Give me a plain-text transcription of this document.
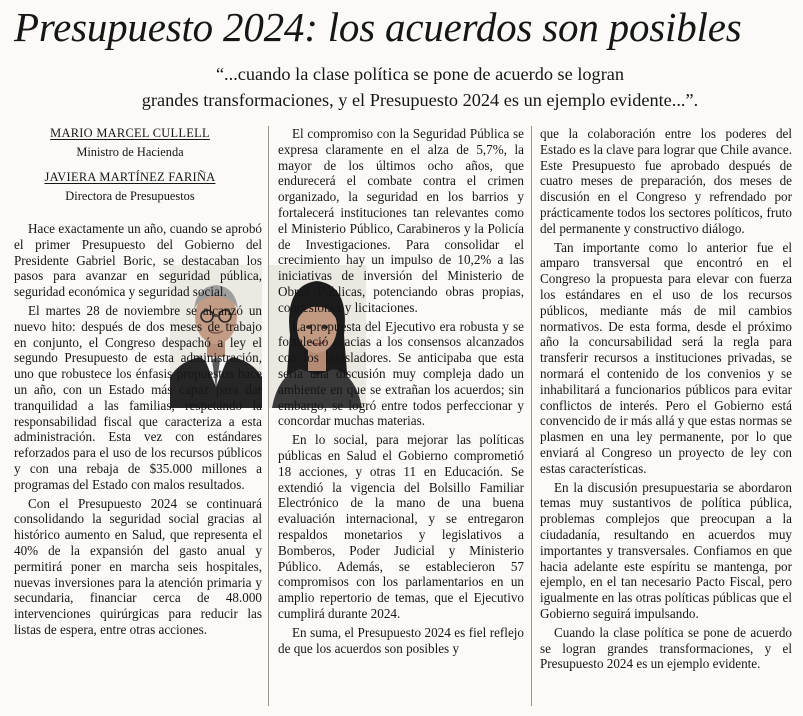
Presupuesto 2024: los acuerdos son posibles
“...cuando la clase política se pone de acuerdo se logran
grandes transformaciones, y el Presupuesto 2024 es un ejemplo evidente...”.
MARIO MARCEL CULLELL
Ministro de Hacienda
JAVIERA MARTÍNEZ FARIÑA
Directora de Presupuestos

Hace exactamente un año, cuando se aprobó el primer Presupuesto del Gobierno del Presidente Gabriel Boric, se destacaban los pasos para avanzar en seguridad pública, seguridad económica y seguridad social.

El martes 28 de noviembre se alcanzó un nuevo hito: después de dos meses de trabajo en conjunto, el Congreso despachó a ley el segundo Presupuesto de esta administración, uno que robustece los énfasis propuestos hace un año, con un Estado más capaz para dar tranquilidad a las familias, respetando la responsabilidad fiscal que caracteriza a esta administración. Esta vez con estándares reforzados para el uso de los recursos públicos y con una rebaja de $35.000 millones a programas del Estado con malos resultados.

Con el Presupuesto 2024 se continuará consolidando la seguridad social gracias al histórico aumento en Salud, que representa el 40% de la expansión del gasto anual y permitirá poner en marcha seis hospitales, nuevas inversiones para la atención primaria y secundaria, financiar cerca de 48.000 intervenciones quirúrgicas para reducir las listas de espera, entre otras acciones.

El compromiso con la Seguridad Pública se expresa claramente en el alza de 5,7%, la mayor de los últimos ocho años, que endurecerá el combate contra el crimen organizado, la seguridad en los barrios y fortalecerá instituciones tan relevantes como el Ministerio Público, Carabineros y la Policía de Investigaciones. Para consolidar el crecimiento hay un impulso de 10,2% a las iniciativas de inversión del Ministerio de Obras Públicas, potenciando obras propias, concesiones y licitaciones.

La propuesta del Ejecutivo era robusta y se fortaleció gracias a los consensos alcanzados con los legisladores. Se anticipaba que esta sería una discusión muy compleja dado un ambiente en que se extrañan los acuerdos; sin embargo, se logró entre todos perfeccionar y concordar muchas materias.

En lo social, para mejorar las políticas públicas en Salud el Gobierno comprometió 18 acciones, y otras 11 en Educación. Se extendió la vigencia del Bolsillo Familiar Electrónico de la mano de una buena evaluación internacional, y se entregaron respaldos monetarios y legislativos a Bomberos, Poder Judicial y Ministerio Público. Además, se establecieron 57 compromisos con los parlamentarios en un amplio repertorio de temas, que el Ejecutivo cumplirá durante 2024.

En suma, el Presupuesto 2024 es fiel reflejo de que los acuerdos son posibles y

que la colaboración entre los poderes del Estado es la clave para lograr que Chile avance. Este Presupuesto fue aprobado después de cuatro meses de preparación, dos meses de discusión en el Congreso y refrendado por prácticamente todos los sectores políticos, fruto del permanente y constructivo diálogo.

Tan importante como lo anterior fue el amparo transversal que encontró en el Congreso la propuesta para elevar con fuerza los estándares en el uso de los recursos públicos, mediante más de mil cambios normativos. De esta forma, desde el próximo año la concursabilidad será la regla para transferir recursos a instituciones privadas, se normará el contenido de los convenios y se inhabilitará a funcionarios públicos para evitar conflictos de interés. Pero el Gobierno está convencido de ir más allá y que estas normas se plasmen en una ley permanente, por lo que enviará al Congreso un proyecto de ley con estas características.

En la discusión presupuestaria se abordaron temas muy sustantivos de política pública, problemas complejos que preocupan a la ciudadanía, resultando en acuerdos muy importantes y transversales. Confiamos en que hacia adelante este espíritu se mantenga, por ejemplo, en el tan necesario Pacto Fiscal, pero igualmente en las otras políticas públicas que el Gobierno seguirá impulsando.

Cuando la clase política se pone de acuerdo se logran grandes transformaciones, y el Presupuesto 2024 es un ejemplo evidente.
